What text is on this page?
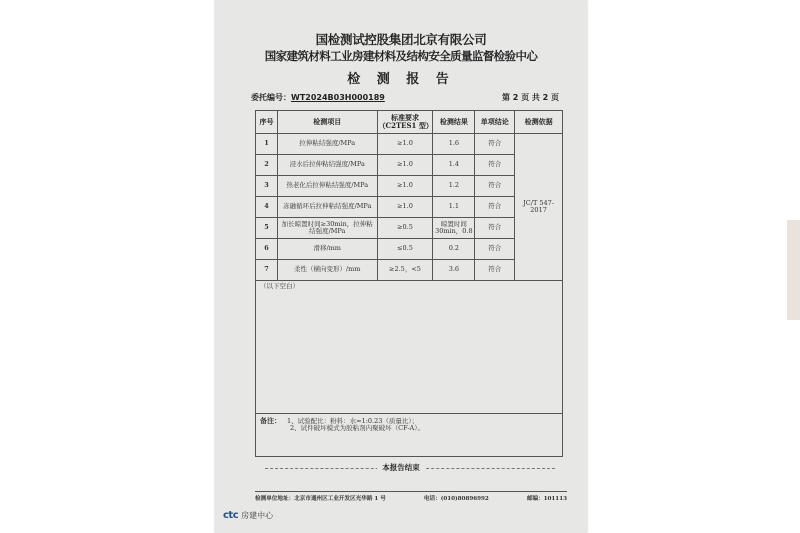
国检测试控股集团北京有限公司
国家建筑材料工业房建材料及结构安全质量监督检验中心
检 测 报 告
委托编号：WT2024B03H000189	第 2 页 共 2 页
序号	检测项目	标准要求（C2TES1 型）	检测结果	单项结论	检测依据
1	拉伸粘结强度/MPa	≥1.0	1.6	符合	JC/T 547-2017
2	浸水后拉伸粘结强度/MPa	≥1.0	1.4	符合	
3	热老化后拉伸粘结强度/MPa	≥1.0	1.2	符合	
4	冻融循环后拉伸粘结强度/MPa	≥1.0	1.1	符合	
5	加长晾置时间≥30min，拉伸粘结强度/MPa	≥0.5	晾置时间 30min，0.8	符合	
6	滑移/mm	≤0.5	0.2	符合	
7	柔性（横向变形）/mm	≥2.5，<5	3.6	符合	
（以下空白）					
备注： 1、试验配比：粉料：水=1:0.23（质量比）；
2、试件破坏模式为胶粘剂内聚破坏（CF-A）。					
本报告结束
检测单位地址：北京市通州区工业开发区光华路 1 号	电话：(010)80896992	邮编：101113
ctc 房建中心
